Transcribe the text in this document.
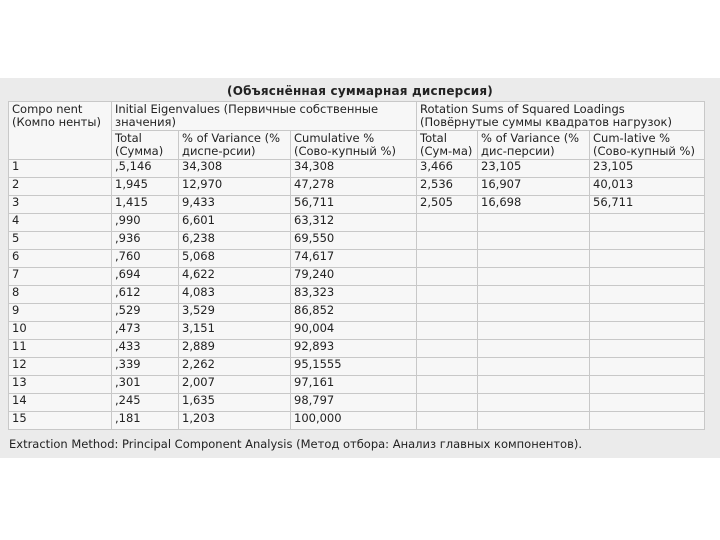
(Объяснённая суммарная дисперсия)
Compo nent (Компо ненты)	Initial Eigenvalues (Первичные собственные значения)			Rotation Sums of Squared Loadings (Повёрнутые суммы квадратов нагрузок)		
	Total (Сумма)	% of Variance (% диспе-рсии)	Cumulative % (Сово-купный %)	Total (Сум-ма)	% of Variance (% дис-персии)	Cum-lative % (Сово-купный %)
1	,5,146	34,308	34,308	3,466	23,105	23,105
2	1,945	12,970	47,278	2,536	16,907	40,013
3	1,415	9,433	56,711	2,505	16,698	56,711
4	,990	6,601	63,312			
5	,936	6,238	69,550			
6	,760	5,068	74,617			
7	,694	4,622	79,240			
8	,612	4,083	83,323			
9	,529	3,529	86,852			
10	,473	3,151	90,004			
11	,433	2,889	92,893			
12	,339	2,262	95,1555			
13	,301	2,007	97,161			
14	,245	1,635	98,797			
15	,181	1,203	100,000			
Extraction Method: Principal Component Analysis (Метод отбора: Анализ главных компонентов).
